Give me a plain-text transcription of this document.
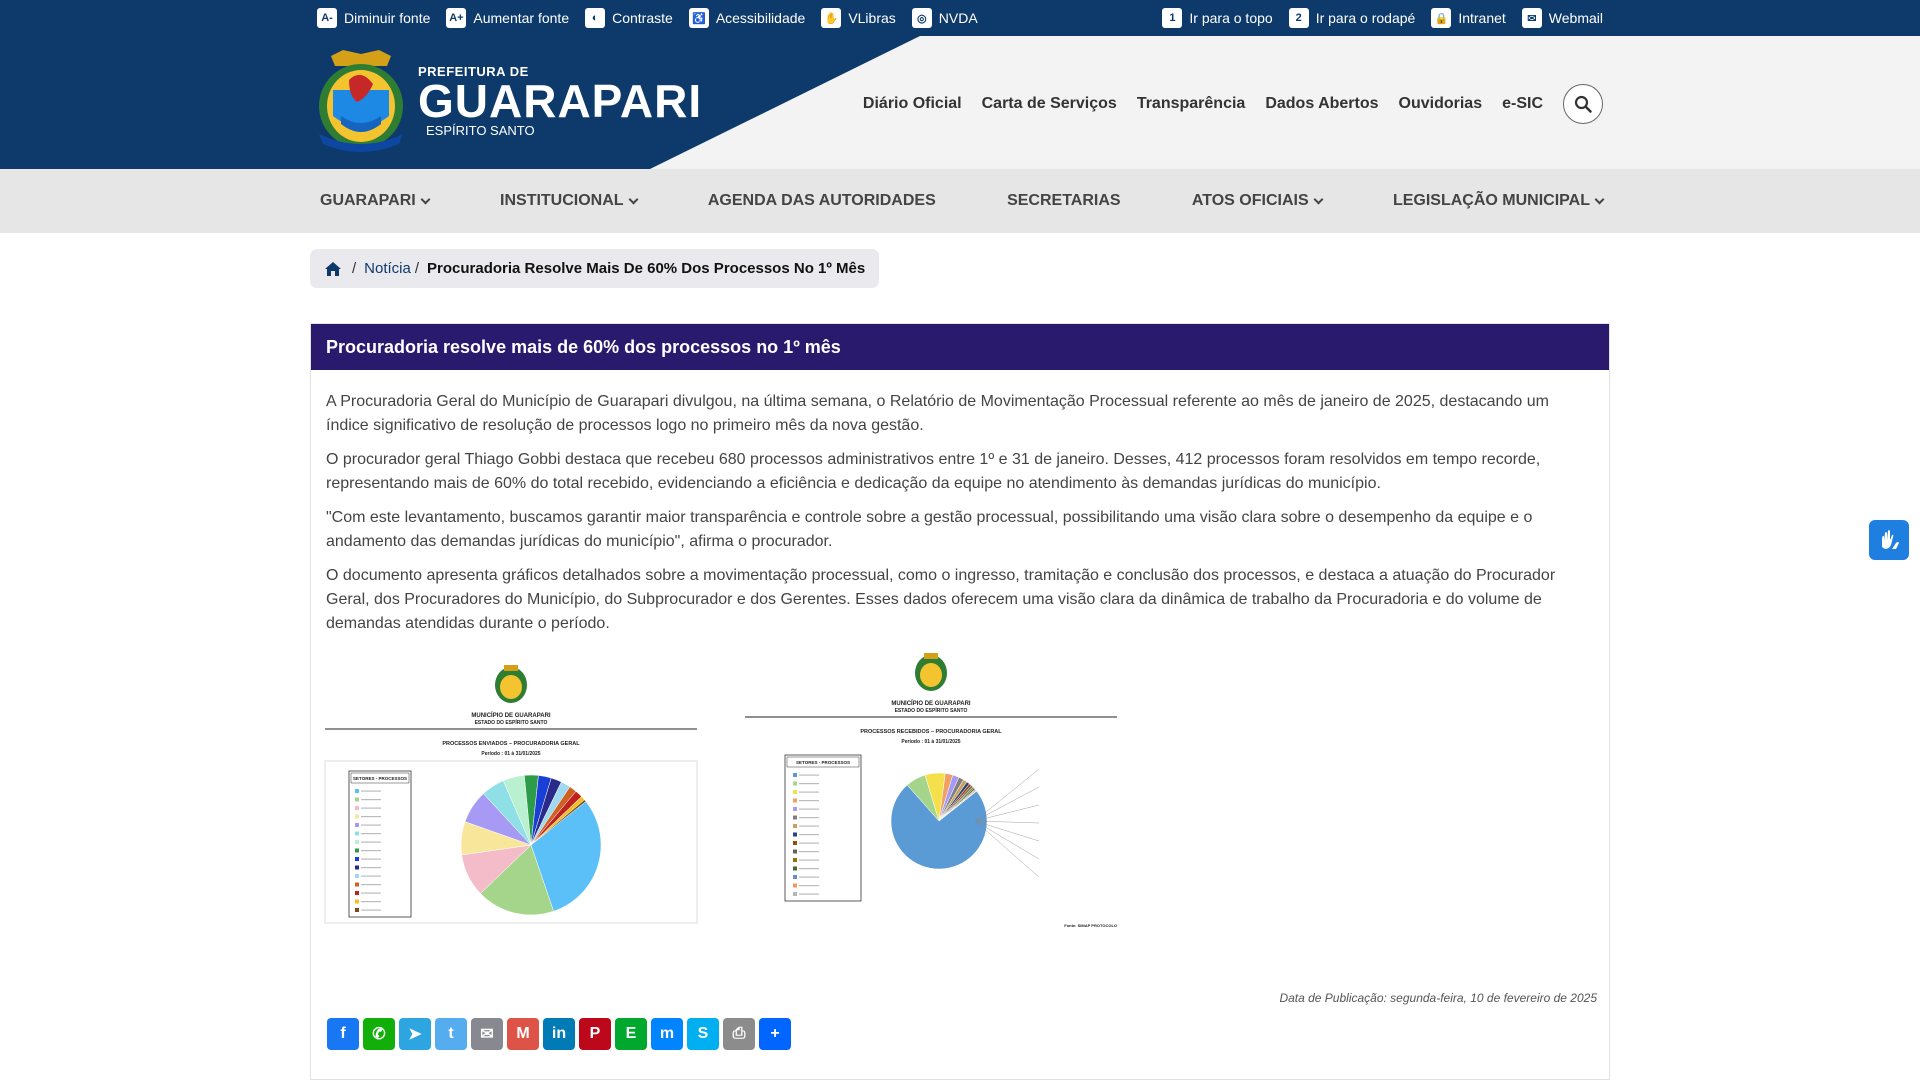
A- Diminuir fonte A+ Aumentar fonte	◐ Contraste ♿ Acessibilidade ✋ VLibras	◎ NVDA	1 Ir para o topo	2 Ir para o rodapé 🔒 Intranet	✉ Webmail
PREFEITURA DE
GUARAPARI
ESPÍRITO SANTO
Diário Oficial Carta de Serviços Transparência Dados Abertos Ouvidorias e-SIC
GUARAPARI	INSTITUCIONAL	AGENDA DAS AUTORIDADES	SECRETARIAS	ATOS OFICIAIS	LEGISLAÇÃO MUNICIPAL
/ Notícia / Procuradoria Resolve Mais De 60% Dos Processos No 1º Mês
Procuradoria resolve mais de 60% dos processos no 1º mês

A Procuradoria Geral do Município de Guarapari divulgou, na última semana, o Relatório de Movimentação Processual referente ao mês de janeiro de 2025, destacando um índice significativo de resolução de processos logo no primeiro mês da nova gestão.

O procurador geral Thiago Gobbi destaca que recebeu 680 processos administrativos entre 1º e 31 de janeiro. Desses, 412 processos foram resolvidos em tempo recorde, representando mais de 60% do total recebido, evidenciando a eficiência e dedicação da equipe no atendimento às demandas jurídicas do município.

"Com este levantamento, buscamos garantir maior transparência e controle sobre a gestão processual, possibilitando uma visão clara sobre o desempenho da equipe e o andamento das demandas jurídicas do município", afirma o procurador.

O documento apresenta gráficos detalhados sobre a movimentação processual, como o ingresso, tramitação e conclusão dos processos, e destaca a atuação do Procurador Geral, dos Procuradores do Município, do Subprocurador e dos Gerentes. Esses dados oferecem uma visão clara da dinâmica de trabalho da Procuradoria e do volume de demandas atendidas durante o período.

MUNICÍPIO DE GUARAPARI
ESTADO DO ESPÍRITO SANTO
PROCESSOS ENVIADOS – PROCURADORIA GERAL
Período : 01 à 31/01/2025
SETORES - PROCESSOS
MUNICÍPIO DE GUARAPARI
ESTADO DO ESPÍRITO SANTO
PROCESSOS RECEBIDOS – PROCURADORIA GERAL
Período : 01 à 31/01/2025
SETORES - PROCESSOS
Fonte: SIMAP PROTOCOLO
Data de Publicação: segunda-feira, 10 de fevereiro de 2025
f ✆ ➤ t ✉ M in P E m S ⎙ +
